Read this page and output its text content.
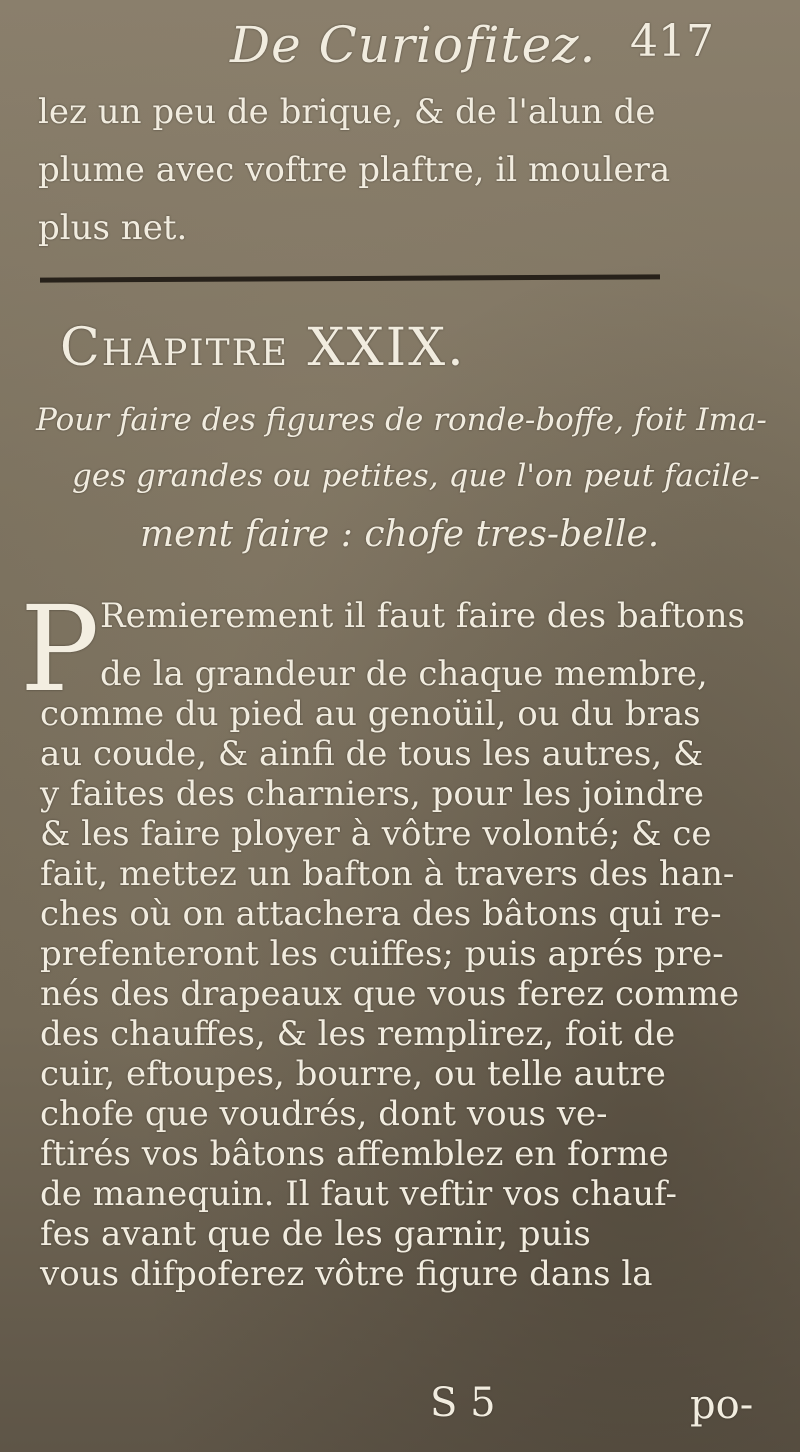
De Curiofitez. 417
lez un peu de brique, & de l'alun de
plume avec voftre plaftre, il moulera
plus net.
Chapitre XXIX.
Pour faire des figures de ronde-boffe, foit Ima-
ges grandes ou petites, que l'on peut facile-
ment faire : chofe tres-belle.
P Remierement il faut faire des baftons
de la grandeur de chaque membre,
comme du pied au genoüil, ou du bras
au coude, & ainfi de tous les autres, &
y faites des charniers, pour les joindre
& les faire ployer à vôtre volonté; & ce
fait, mettez un bafton à travers des han-
ches où on attachera des bâtons qui re-
prefenteront les cuiffes; puis aprés pre-
nés des drapeaux que vous ferez comme
des chauffes, & les remplirez, foit de
cuir, eftoupes, bourre, ou telle autre
chofe que voudrés, dont vous ve-
ftirés vos bâtons affemblez en forme
de manequin. Il faut veftir vos chauf-
fes avant que de les garnir, puis
vous difpoferez vôtre figure dans la
S 5	po-
